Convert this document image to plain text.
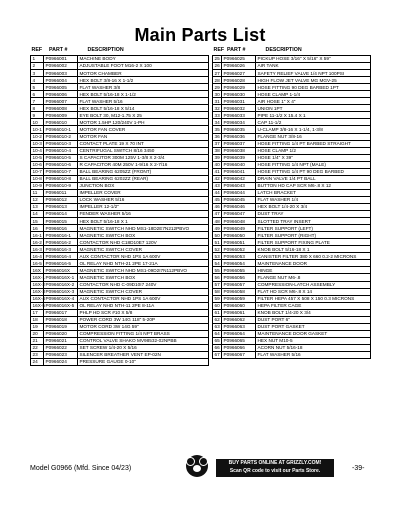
Main Parts List
REF	PART #	DESCRIPTION
1	P0966001	MACHINE BODY
2	P0966002	ADJUSTABLE FOOT M16-2 X 100
3	P0966003	MOTOR CHAMBER
4	P0966004	HEX BOLT 3/8-16 X 1-1/2
5	P0966005	FLAT WASHER 3/8
6	P0966006	HEX BOLT 5/16-18 X 1-1/2
7	P0966007	FLAT WASHER 5/16
8	P0966008	HEX BOLT 5/16-18 X 5/14
9	P0966009	EYE BOLT 30, M12-1.75 X 25
10	P0966010	MOTOR 1.5HP 120/240V 1-PH
10-1	P0966010-1	MOTOR FAN COVER
10-2	P0966010-2	MOTOR FAN
10-3	P0966010-3	CONTACT PLATE 19 X 70 INT
10-4	P0966010-4	CENTRIFUGAL SWITCH 8/16 3450
10-5	P0966010-5	S CAPACITOR 300M 125V 1-3/8 X 2-3/4
10-6	P0966010-6	R CAPACITOR 40M 250V 1-9/16 X 2-7/16
10-7	P0966010-7	BALL BEARING 6205ZZ (FRONT)
10-8	P0966010-8	BALL BEARING 6202ZZ (REAR)
10-9	P0966010-9	JUNCTION BOX
11	P0966011	IMPELLER COVER
12	P0966012	LOCK WASHER 5/16
13	P0966013	IMPELLER 12-1/2"
14	P0966014	FENDER WASHER 5/16
15	P0966015	HEX BOLT 5/16-18 X 1
16	P0966016	MAGNETIC SWITCH NHD MS1-18D2E7N212PBVO
16-1	P0966016-1	MAGNETIC SWITCH BOX
16-2	P0966016-2	CONTACTOR NHD C18D10E7 120V
16-3	P0966016-3	MAGNETIC SWITCH COVER
16-4	P0966016-4	AUX CONTACTOR NHD 1PS 1A 600V
16-5	P0966016-5	OL RELAY NHD NTH-21 2PE 17-21A
16X	P0966016X	MAGNETIC SWITCH NHD MS1-09D2I7N112PBVO
16X-1	P0966016X-1	MAGNETIC SWITCH BOX
16X-2	P0966016X-2	CONTACTOR NHD C-09D10I7 240V
16X-3	P0966016X-3	MAGNETIC SWITCH COVER
16X-4	P0966016X-4	AUX CONTACTOR NHD 1PS 1A 600V
16X-5	P0966016X-5	OL RELAY NHD NTH-11 2PE 8-11A
17	P0966017	PHLP HD SCR #10 X 5/8
18	P0966018	POWER CORD 3W 14G 118" 5-20P
19	P0966019	MOTOR CORD 3W 14G 59"
20	P0966020	COMPRESSION FITTING 1/4 NPT BRASS
21	P0966021	CONTROL VALVE SHAKO MV98532-02NPBB
22	P0966022	SET SCREW 1/4-20 X 5/16
23	P0966023	SILENCER BREATHER VENT EP-02N
24	P0966024	PRESSURE GAUGE 0-10"
REF PART #	DESCRIPTION
25	P0966025	PICKUP HOSE 3/16" X 5/16" X 59"
26	P0966026	AIR TANK
27	P0966027	SAFETY RELIEF VALVE 1/4 NPT 100PSI
28	P0966028	HIGH FLOW JET VALVE MG MGV-25
29	P0966029	HOSE FITTING 90 DEG BARBED 1PT
30	P0966030	HOSE CLAMP 1-1/4
31	P0966031	AIR HOSE 1" X 4"
32	P0966032	UNION 1PT
33	P0966033	PIPE 11-1/2 X 15.4 X 1
34	P0966034	CAP 11-1/2
35	P0966035	U-CLAMP 3/8-16 X 1-1/4, 1-3/8
36	P0966036	FLANGE NUT 3/8-16
37	P0966037	HOSE FITTING 1/4 PT BARBED STRAIGHT
38	P0966038	HOSE CLAMP 1/2
39	P0966039	HOSE 1/4" X 39"
40	P0966040	HOSE FITTING 1/4 NPT (MALE)
41	P0966041	HOSE FITTING 1/4 PT 90 DEG BARBED
42	P0966042	DRAIN VALVE 1/4 PT BALL
43	P0966043	BUTTON HD CAP SCR M6-.8 X 12
44	P0966044	LATCH BRACKET
45	P0966045	FLAT WASHER 1/4
46	P0966046	HEX BOLT 1/4-20 X 3/4
47	P0966047	DUST TRAY
48	P0966048	SLOTTED TRAY INSERT
49	P0966049	FILTER SUPPORT (LEFT)
50	P0966050	FILTER SUPPORT (RIGHT)
51	P0966051	FILTER SUPPORT FIXING PLATE
52	P0966052	KNOB BOLT 5/16-18 X 1
53	P0966053	CANISTER FILTER 380 X 660 0.2-2 MICRONS
54	P0966054	MAINTENANCE DOOR
55	P0966055	HINGE
56	P0966056	FLANGE NUT M6-.8
57	P0966057	COMPRESSION-LATCH ASSEMBLY
58	P0966058	FLAT HD SCR M6-.8 X 14
59	P0966059	FILTER HEPA 457 X 508 X 150 0.3 MICRONS
60	P0966060	HEPA FILTER CAGE
61	P0966061	KNOB BOLT 1/4-20 X 3/4
62	P0966062	DUST PORT 6"
63	P0966063	DUST PORT GASKET
64	P0966064	MAINTENANCE DOOR GASKET
65	P0966065	HEX NUT M10-5
66	P0966066	ACORN NUT 5/16-18
67	P0966067	FLAT WASHER 5/16
Model G0966 (Mfd. Since 04/23)
BUY PARTS ONLINE AT GRIZZLY.COM!
Scan QR code to visit our Parts Store.	-39-
